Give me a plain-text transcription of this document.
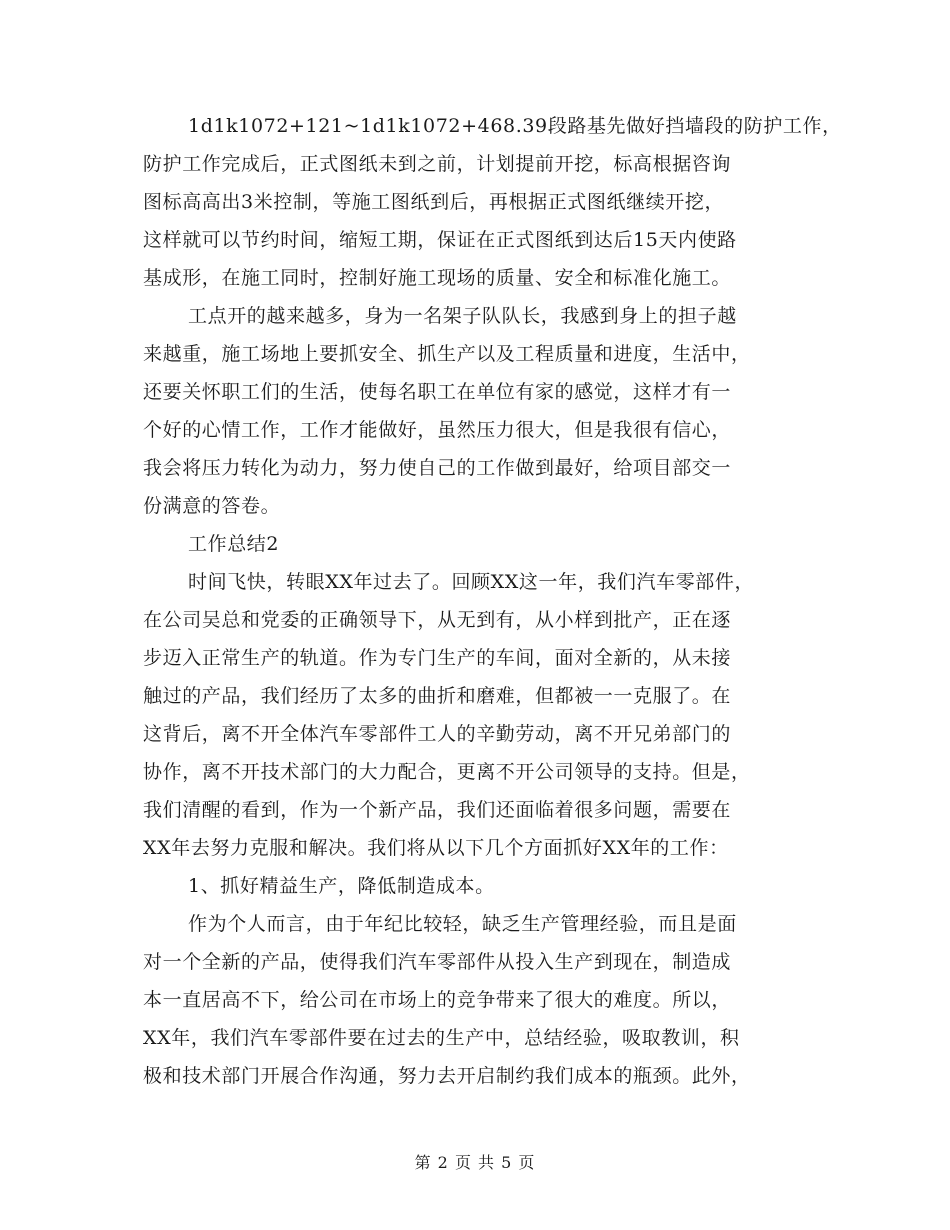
1d1k1072+121~1d1k1072+468.39段路基先做好挡墙段的防护工作，
防护工作完成后，正式图纸未到之前，计划提前开挖，标高根据咨询
图标高高出3米控制，等施工图纸到后，再根据正式图纸继续开挖，
这样就可以节约时间，缩短工期，保证在正式图纸到达后15天内使路
基成形，在施工同时，控制好施工现场的质量、安全和标准化施工。
工点开的越来越多，身为一名架子队队长，我感到身上的担子越
来越重，施工场地上要抓安全、抓生产以及工程质量和进度，生活中，
还要关怀职工们的生活，使每名职工在单位有家的感觉，这样才有一
个好的心情工作，工作才能做好，虽然压力很大，但是我很有信心，
我会将压力转化为动力，努力使自己的工作做到最好，给项目部交一
份满意的答卷。
工作总结2
时间飞快，转眼XX年过去了。回顾XX这一年，我们汽车零部件，
在公司吴总和党委的正确领导下，从无到有，从小样到批产，正在逐
步迈入正常生产的轨道。作为专门生产的车间，面对全新的，从未接
触过的产品，我们经历了太多的曲折和磨难，但都被一一克服了。在
这背后，离不开全体汽车零部件工人的辛勤劳动，离不开兄弟部门的
协作，离不开技术部门的大力配合，更离不开公司领导的支持。但是，
我们清醒的看到，作为一个新产品，我们还面临着很多问题，需要在
XX年去努力克服和解决。我们将从以下几个方面抓好XX年的工作：
1、抓好精益生产，降低制造成本。
作为个人而言，由于年纪比较轻，缺乏生产管理经验，而且是面
对一个全新的产品，使得我们汽车零部件从投入生产到现在，制造成
本一直居高不下，给公司在市场上的竞争带来了很大的难度。所以，
XX年，我们汽车零部件要在过去的生产中，总结经验，吸取教训，积
极和技术部门开展合作沟通，努力去开启制约我们成本的瓶颈。此外，
第 2 页 共 5 页
